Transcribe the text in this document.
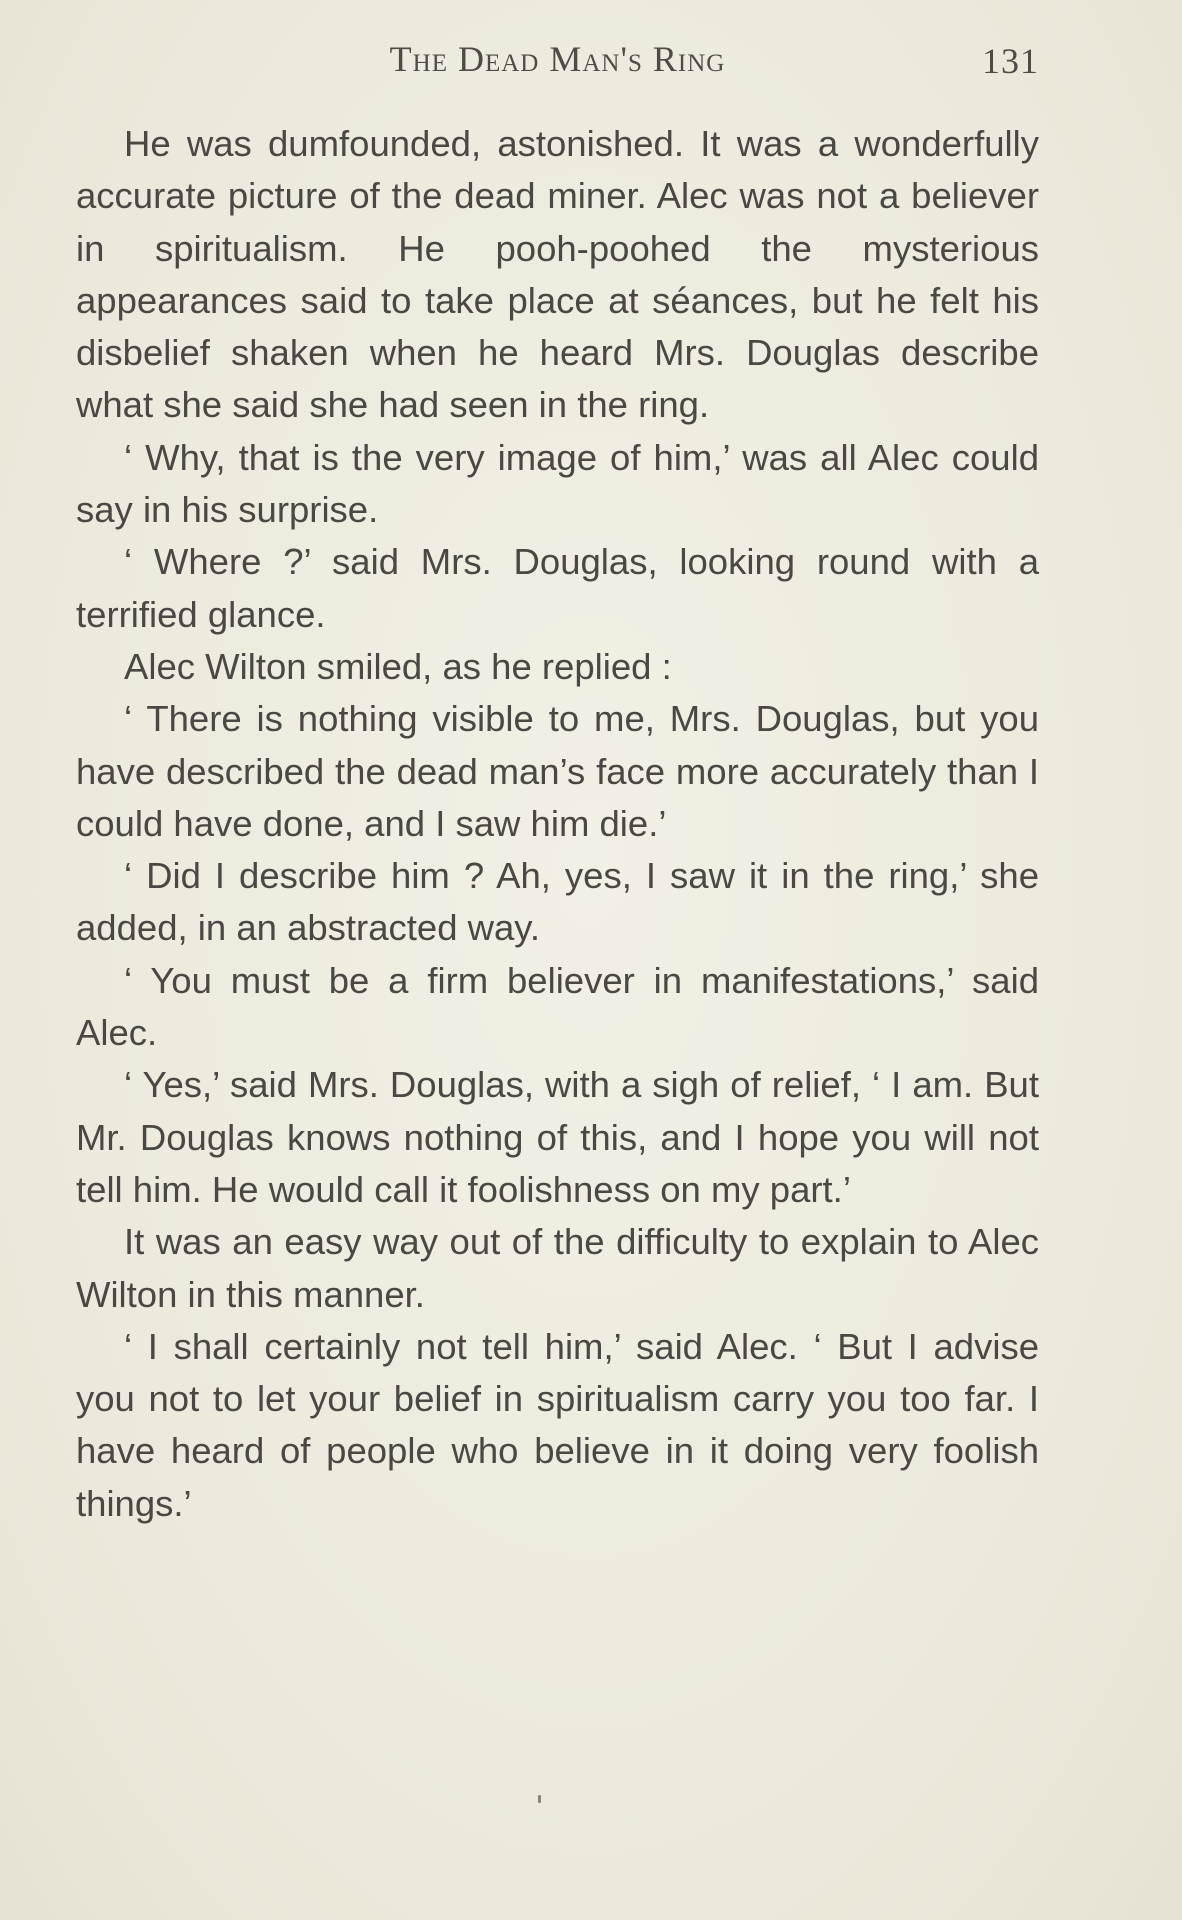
The Dead Man's Ring	131

He was dumfounded, astonished. It was a wonderfully accurate picture of the dead miner. Alec was not a believer in spiritualism. He pooh-poohed the mysterious appearances said to take place at séances, but he felt his disbelief shaken when he heard Mrs. Douglas describe what she said she had seen in the ring.

‘ Why, that is the very image of him,’ was all Alec could say in his surprise.

‘ Where ?’ said Mrs. Douglas, looking round with a terrified glance.

Alec Wilton smiled, as he replied :

‘ There is nothing visible to me, Mrs. Douglas, but you have described the dead man’s face more accurately than I could have done, and I saw him die.’

‘ Did I describe him ? Ah, yes, I saw it in the ring,’ she added, in an abstracted way.

‘ You must be a firm believer in manifestations,’ said Alec.

‘ Yes,’ said Mrs. Douglas, with a sigh of relief, ‘ I am. But Mr. Douglas knows nothing of this, and I hope you will not tell him. He would call it foolishness on my part.’

It was an easy way out of the difficulty to explain to Alec Wilton in this manner.

‘ I shall certainly not tell him,’ said Alec. ‘ But I advise you not to let your belief in spiritualism carry you too far. I have heard of people who believe in it doing very foolish things.’
